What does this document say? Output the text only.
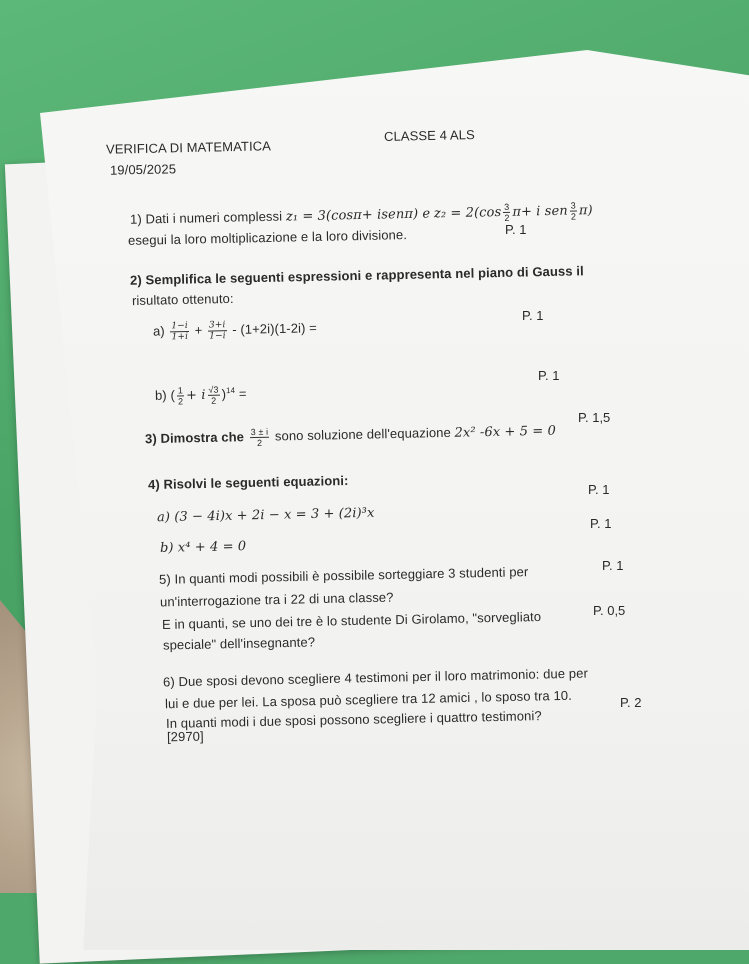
VERIFICA DI MATEMATICA
CLASSE 4 ALS
19/05/2025
1) Dati i numeri complessi z₁ = 3(cosπ+ isenπ) e $z_2 = 2(\cos \frac{3}{2} \pi+ i$ sen $\frac{3}{2} \pi$)
esegui la loro moltiplicazione e la loro divisione.	P. 1
2) Semplifica le seguenti espressioni e rappresenta nel piano di Gauss il
risultato ottenuto:
$a) \frac{1-i}{1+i} + \frac{3+i}{1-i} - (1+2i)(1-2i)$ =
P. 1
b) ( $\frac{1}{2} + i \frac{√3}{2} )^{14}$ =
P. 1
3) Dimostra che $\frac{3 \pm i}{2}$ sono soluzione dell'equazione 2x² -6x + 5 = 0
P. 1,5
4) Risolvi le seguenti equazioni:	P. 1
a) (3 − 4i)x + 2i − x = 3 + (2i)³x	P. 1
b) x⁴ + 4 = 0
5) In quanti modi possibili è possibile sorteggiare 3 studenti per	P. 1
un'interrogazione tra i 22 di una classe?
E in quanti, se uno dei tre è lo studente Di Girolamo, "sorvegliato	P. 0,5
speciale" dell'insegnante?
6) Due sposi devono scegliere 4 testimoni per il loro matrimonio: due per
lui e due per lei. La sposa può scegliere tra 12 amici , lo sposo tra 10.
In quanti modi i due sposi possono scegliere i quattro testimoni?
P. 2
[2970]
